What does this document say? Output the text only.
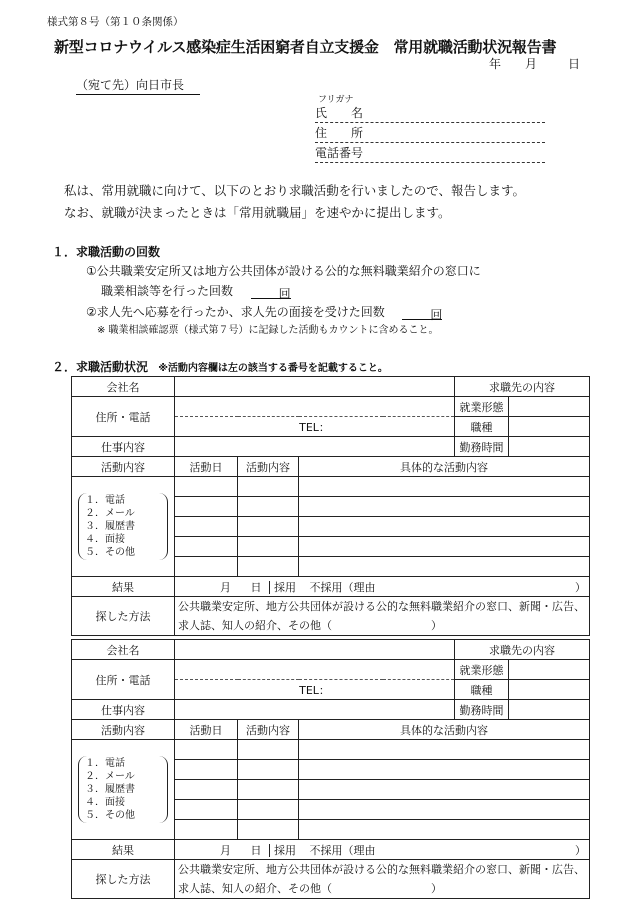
様式第８号（第１０条関係）
新型コロナウイルス感染症生活困窮者自立支援金　常用就職活動状況報告書
年 月	日
（宛て先）向日市長
フリガナ
氏　　名
住　　所
電話番号
私は、常用就職に向けて、以下のとおり求職活動を行いましたので、報告します。
なお、就職が決まったときは「常用就職届」を速やかに提出します。
１．求職活動の回数
①公共職業安定所又は地方公共団体が設ける公的な無料職業紹介の窓口に
職業相談等を行った回数	回
②求人先へ応募を行ったか、求人先の面接を受けた回数	回
※ 職業相談確認票（様式第７号）に記録した活動もカウントに含めること。
２．求職活動状況 ※活動内容欄は左の該当する番号を記載すること。
会社名				求職先の内容	
住所・電話				就業形態	
	TEL：			職種	
仕事内容				勤務時間	
活動内容	活動日	活動内容	具体的な活動内容		

１．電話
２．メール
３．履歴書
４．面接
５．その他					

結果	月 日 採用 不採用（理由 ）				

探した方法	公共職業安定所、地方公共団体が設ける公的な無料職業紹介の窓口、新聞・広告、求人誌、知人の紹介、その他（　　　　　　　　　）				
会社名				求職先の内容	
住所・電話				就業形態	
	TEL：			職種	
仕事内容				勤務時間	
活動内容	活動日	活動内容	具体的な活動内容		

１．電話
２．メール
３．履歴書
４．面接
５．その他					

結果	月 日 採用 不採用（理由 ）				

探した方法	公共職業安定所、地方公共団体が設ける公的な無料職業紹介の窓口、新聞・広告、求人誌、知人の紹介、その他（　　　　　　　　　）				
